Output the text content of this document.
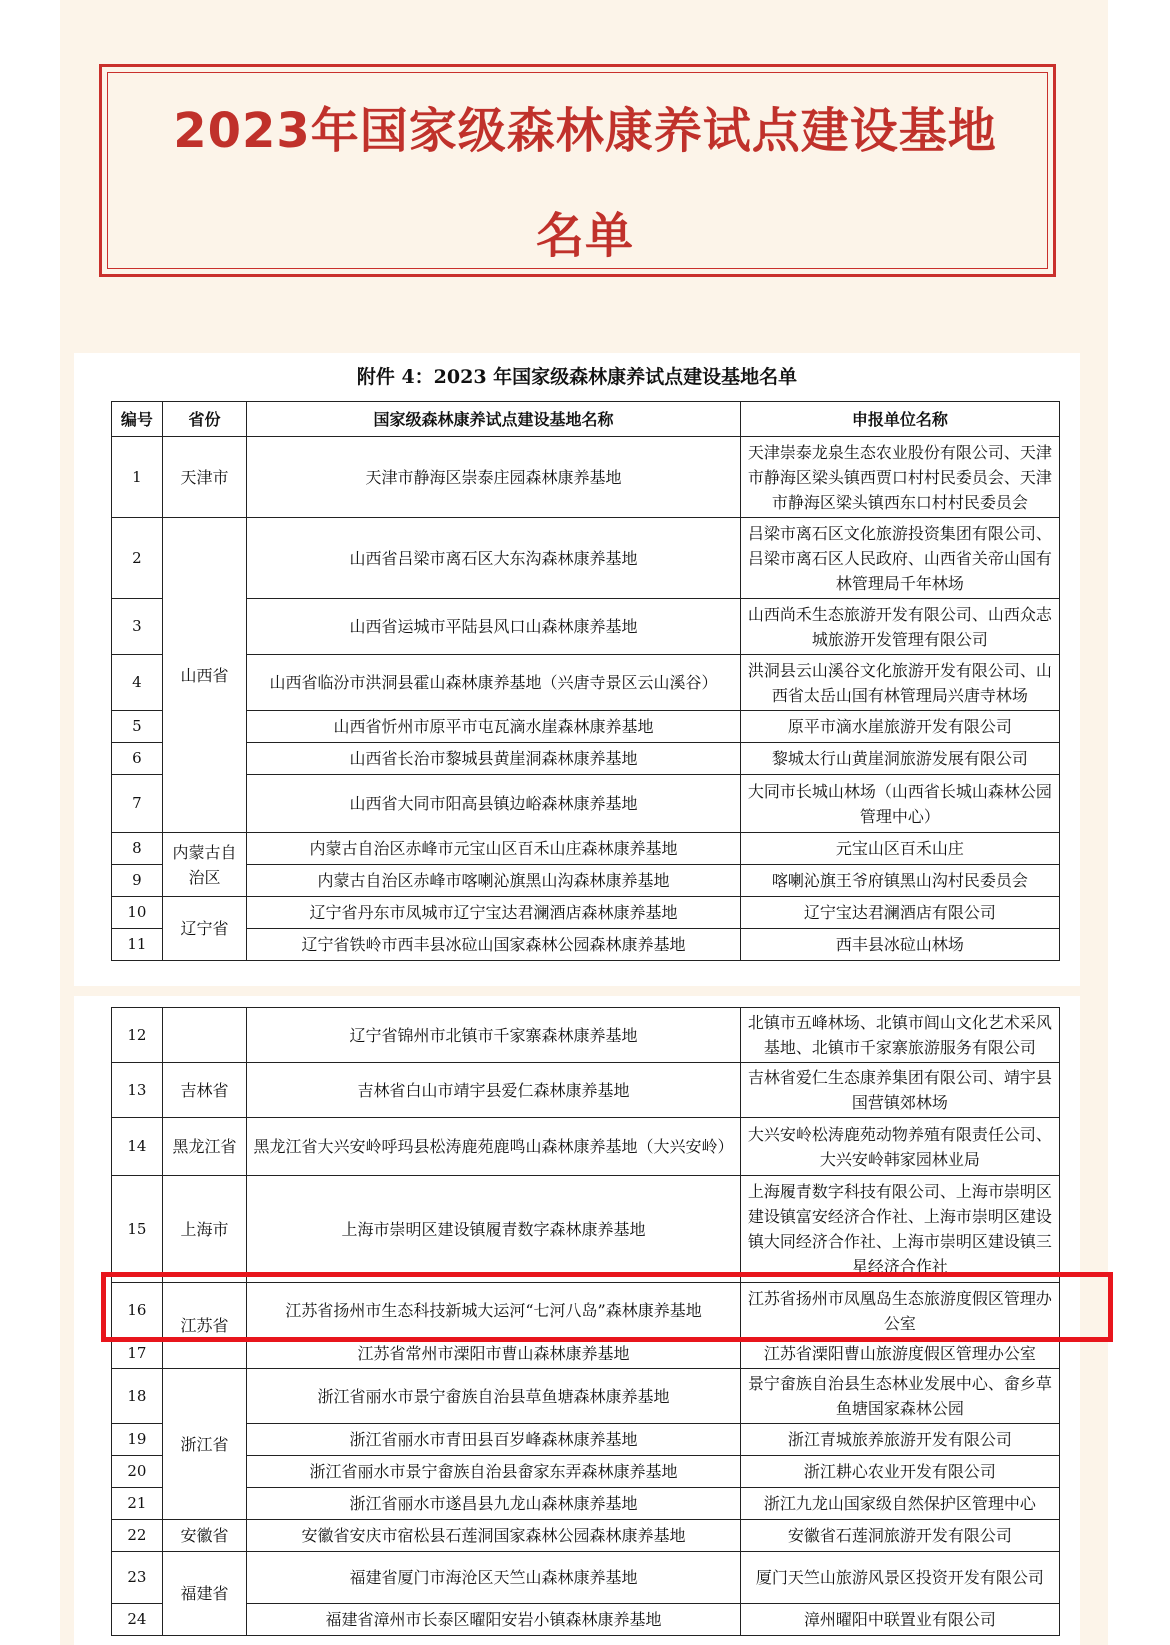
2023年国家级森林康养试点建设基地
名单
附件 4：2023 年国家级森林康养试点建设基地名单
编号	省份	国家级森林康养试点建设基地名称	申报单位名称
1	天津市	天津市静海区崇泰庄园森林康养基地	天津崇泰龙泉生态农业股份有限公司、天津市静海区梁头镇西贾口村村民委员会、天津市静海区梁头镇西东口村村民委员会
2	山西省	山西省吕梁市离石区大东沟森林康养基地	吕梁市离石区文化旅游投资集团有限公司、吕梁市离石区人民政府、山西省关帝山国有林管理局千年林场
3		山西省运城市平陆县风口山森林康养基地	山西尚禾生态旅游开发有限公司、山西众志城旅游开发管理有限公司
4		山西省临汾市洪洞县霍山森林康养基地（兴唐寺景区云山溪谷）	洪洞县云山溪谷文化旅游开发有限公司、山西省太岳山国有林管理局兴唐寺林场
5		山西省忻州市原平市屯瓦滴水崖森林康养基地	原平市滴水崖旅游开发有限公司
6		山西省长治市黎城县黄崖洞森林康养基地	黎城太行山黄崖洞旅游发展有限公司
7		山西省大同市阳高县镇边峪森林康养基地	大同市长城山林场（山西省长城山森林公园管理中心）
8	内蒙古自治区	内蒙古自治区赤峰市元宝山区百禾山庄森林康养基地	元宝山区百禾山庄
9		内蒙古自治区赤峰市喀喇沁旗黑山沟森林康养基地	喀喇沁旗王爷府镇黑山沟村民委员会
10	辽宁省	辽宁省丹东市凤城市辽宁宝达君澜酒店森林康养基地	辽宁宝达君澜酒店有限公司
11		辽宁省铁岭市西丰县冰砬山国家森林公园森林康养基地	西丰县冰砬山林场
12		辽宁省锦州市北镇市千家寨森林康养基地	北镇市五峰林场、北镇市闾山文化艺术采风基地、北镇市千家寨旅游服务有限公司
13	吉林省	吉林省白山市靖宇县爱仁森林康养基地	吉林省爱仁生态康养集团有限公司、靖宇县国营镇郊林场
14	黑龙江省	黑龙江省大兴安岭呼玛县松涛鹿苑鹿鸣山森林康养基地（大兴安岭）	大兴安岭松涛鹿苑动物养殖有限责任公司、大兴安岭韩家园林业局
15	上海市	上海市崇明区建设镇履青数字森林康养基地	上海履青数字科技有限公司、上海市崇明区建设镇富安经济合作社、上海市崇明区建设镇大同经济合作社、上海市崇明区建设镇三星经济合作社
16	江苏省	江苏省扬州市生态科技新城大运河“七河八岛”森林康养基地	江苏省扬州市凤凰岛生态旅游度假区管理办公室
17		江苏省常州市溧阳市曹山森林康养基地	江苏省溧阳曹山旅游度假区管理办公室
18	浙江省	浙江省丽水市景宁畲族自治县草鱼塘森林康养基地	景宁畲族自治县生态林业发展中心、畲乡草鱼塘国家森林公园
19		浙江省丽水市青田县百岁峰森林康养基地	浙江青城旅养旅游开发有限公司
20		浙江省丽水市景宁畲族自治县畲家东弄森林康养基地	浙江耕心农业开发有限公司
21		浙江省丽水市遂昌县九龙山森林康养基地	浙江九龙山国家级自然保护区管理中心
22	安徽省	安徽省安庆市宿松县石莲洞国家森林公园森林康养基地	安徽省石莲洞旅游开发有限公司
23	福建省	福建省厦门市海沧区天竺山森林康养基地	厦门天竺山旅游风景区投资开发有限公司
24		福建省漳州市长泰区曜阳安岩小镇森林康养基地	漳州曜阳中联置业有限公司
